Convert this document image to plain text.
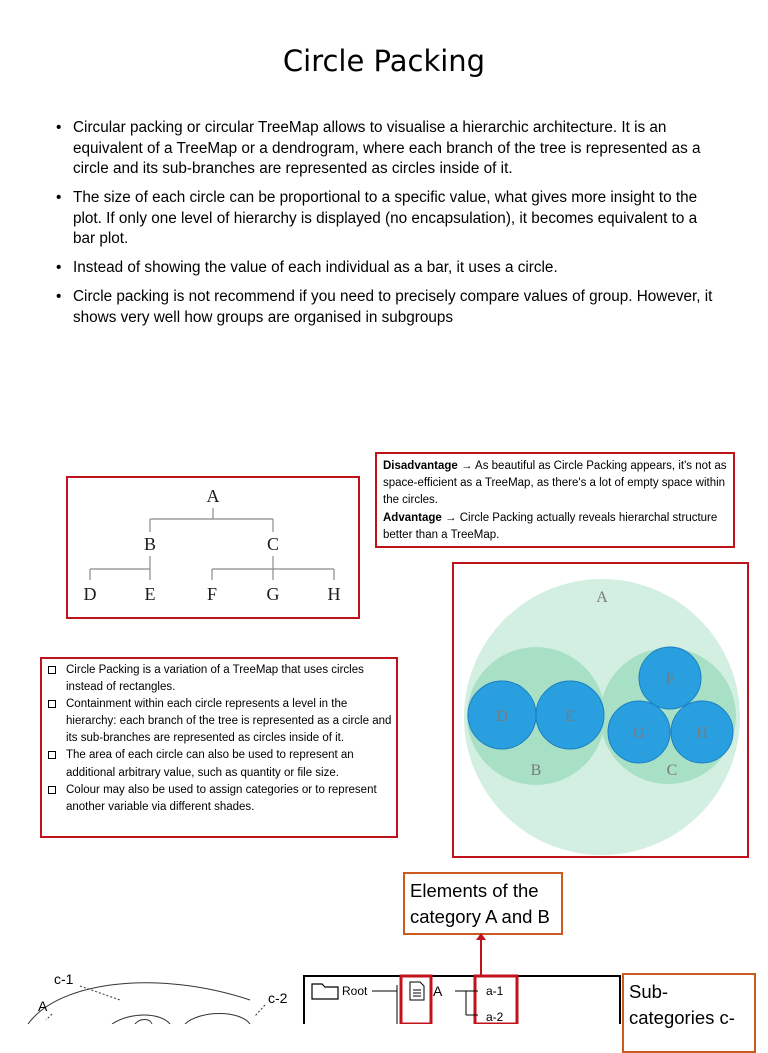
Circle Packing
• Circular packing or circular TreeMap allows to visualise a hierarchic architecture. It is an equivalent of a TreeMap or a dendrogram, where each branch of the tree is represented as a circle and its sub-branches are represented as circles inside of it.
• The size of each circle can be proportional to a specific value, what gives more insight to the plot. If only one level of hierarchy is displayed (no encapsulation), it becomes equivalent to a bar plot.
• Instead of showing the value of each individual as a bar, it uses a circle.
• Circle packing is not recommend if you need to precisely compare values of group. However, it shows very well how groups are organised in subgroups
A
B	C
D	E	F	G	H
Disadvantage → As beautiful as Circle Packing appears, it's not as space-efficient as a TreeMap, as there's a lot of empty space within the circles.
Advantage → Circle Packing actually reveals hierarchal structure better than a TreeMap.
Circle Packing is a variation of a TreeMap that uses circles instead of rectangles.
Containment within each circle represents a level in the hierarchy: each branch of the tree is represented as a circle and its sub-branches are represented as circles inside of it.
The area of each circle can also be used to represent an additional arbitrary value, such as quantity or file size.
Colour may also be used to assign categories or to represent another variable via different shades.
A
B	C
D	E
F
G	H
Elements of the category A and B
c-1
c-2
A
Root	A	a-1
a-2
Sub-categories c-
